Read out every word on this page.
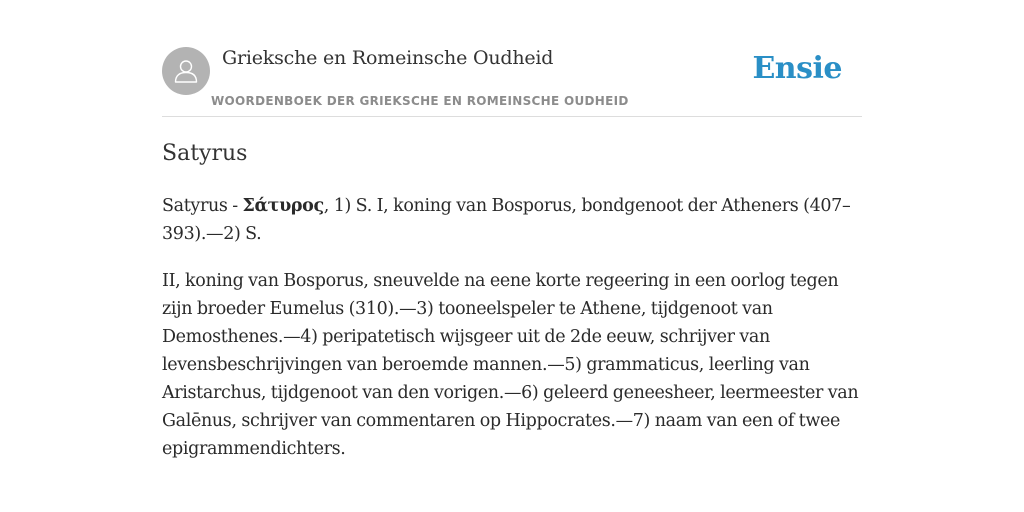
Grieksche en Romeinsche Oudheid
WOORDENBOEK DER GRIEKSCHE EN ROMEINSCHE OUDHEID
Ensie
Satyrus

Satyrus - Σάτυρος, 1) S. I, koning van Bosporus, bondgenoot der Atheners (407–393).—2) S.

II, koning van Bosporus, sneuvelde na eene korte regeering in een oorlog tegen zijn broeder Eumelus (310).—3) tooneelspeler te Athene, tijdgenoot van Demosthenes.—4) peripatetisch wijsgeer uit de 2de eeuw, schrijver van levensbeschrijvingen van beroemde mannen.—5) grammaticus, leerling van Aristarchus, tijdgenoot van den vorigen.—6) geleerd geneesheer, leermeester van Galēnus, schrijver van commentaren op Hippocrates.—7) naam van een of twee epigrammendichters.
